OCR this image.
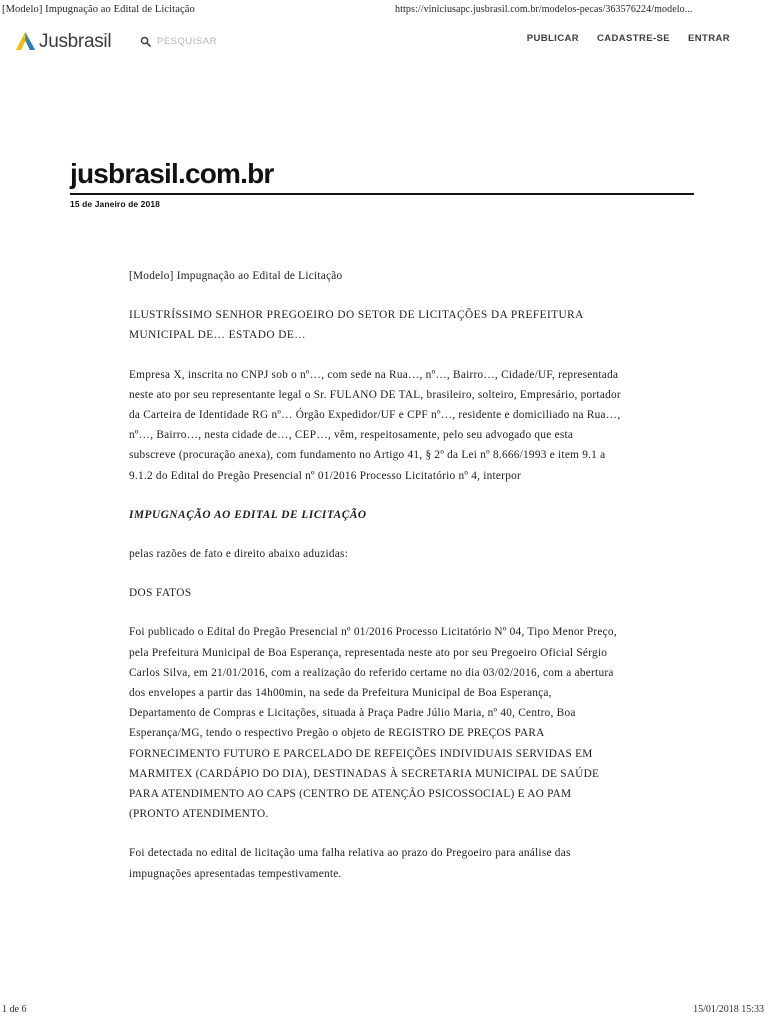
[Modelo] Impugnação ao Edital de Licitação	https://viniciusapc.jusbrasil.com.br/modelos-pecas/363576224/modelo...
Jusbrasil	PESQUISAR	PUBLICAR CADASTRE-SE ENTRAR
jusbrasil.com.br
15 de Janeiro de 2018

[Modelo] Impugnação ao Edital de Licitação

ILUSTRÍSSIMO SENHOR PREGOEIRO DO SETOR DE LICITAÇÕES DA PREFEITURA MUNICIPAL DE… ESTADO DE…

Empresa X, inscrita no CNPJ sob o nº…, com sede na Rua…, nº…, Bairro…, Cidade/UF, representada neste ato por seu representante legal o Sr. FULANO DE TAL, brasileiro, solteiro, Empresário, portador da Carteira de Identidade RG nº… Órgão Expedidor/UF e CPF nº…, residente e domiciliado na Rua…, nº…, Bairro…, nesta cidade de…, CEP…, vêm, respeitosamente, pelo seu advogado que esta subscreve (procuração anexa), com fundamento no Artigo 41, § 2º da Lei nº 8.666/1993 e item 9.1 a 9.1.2 do Edital do Pregão Presencial nº 01/2016 Processo Licitatório nº 4, interpor

IMPUGNAÇÃO AO EDITAL DE LICITAÇÃO

pelas razões de fato e direito abaixo aduzidas:

DOS FATOS

Foi publicado o Edital do Pregão Presencial nº 01/2016 Processo Licitatório Nº 04, Tipo Menor Preço, pela Prefeitura Municipal de Boa Esperança, representada neste ato por seu Pregoeiro Oficial Sérgio Carlos Silva, em 21/01/2016, com a realização do referido certame no dia 03/02/2016, com a abertura dos envelopes a partir das 14h00min, na sede da Prefeitura Municipal de Boa Esperança, Departamento de Compras e Licitações, situada à Praça Padre Júlio Maria, nº 40, Centro, Boa Esperança/MG, tendo o respectivo Pregão o objeto de REGISTRO DE PREÇOS PARA FORNECIMENTO FUTURO E PARCELADO DE REFEIÇÕES INDIVIDUAIS SERVIDAS EM MARMITEX (CARDÁPIO DO DIA), DESTINADAS À SECRETARIA MUNICIPAL DE SAÚDE PARA ATENDIMENTO AO CAPS (CENTRO DE ATENÇÃO PSICOSSOCIAL) E AO PAM (PRONTO ATENDIMENTO.

Foi detectada no edital de licitação uma falha relativa ao prazo do Pregoeiro para análise das impugnações apresentadas tempestivamente.

1 de 6	15/01/2018 15:33
